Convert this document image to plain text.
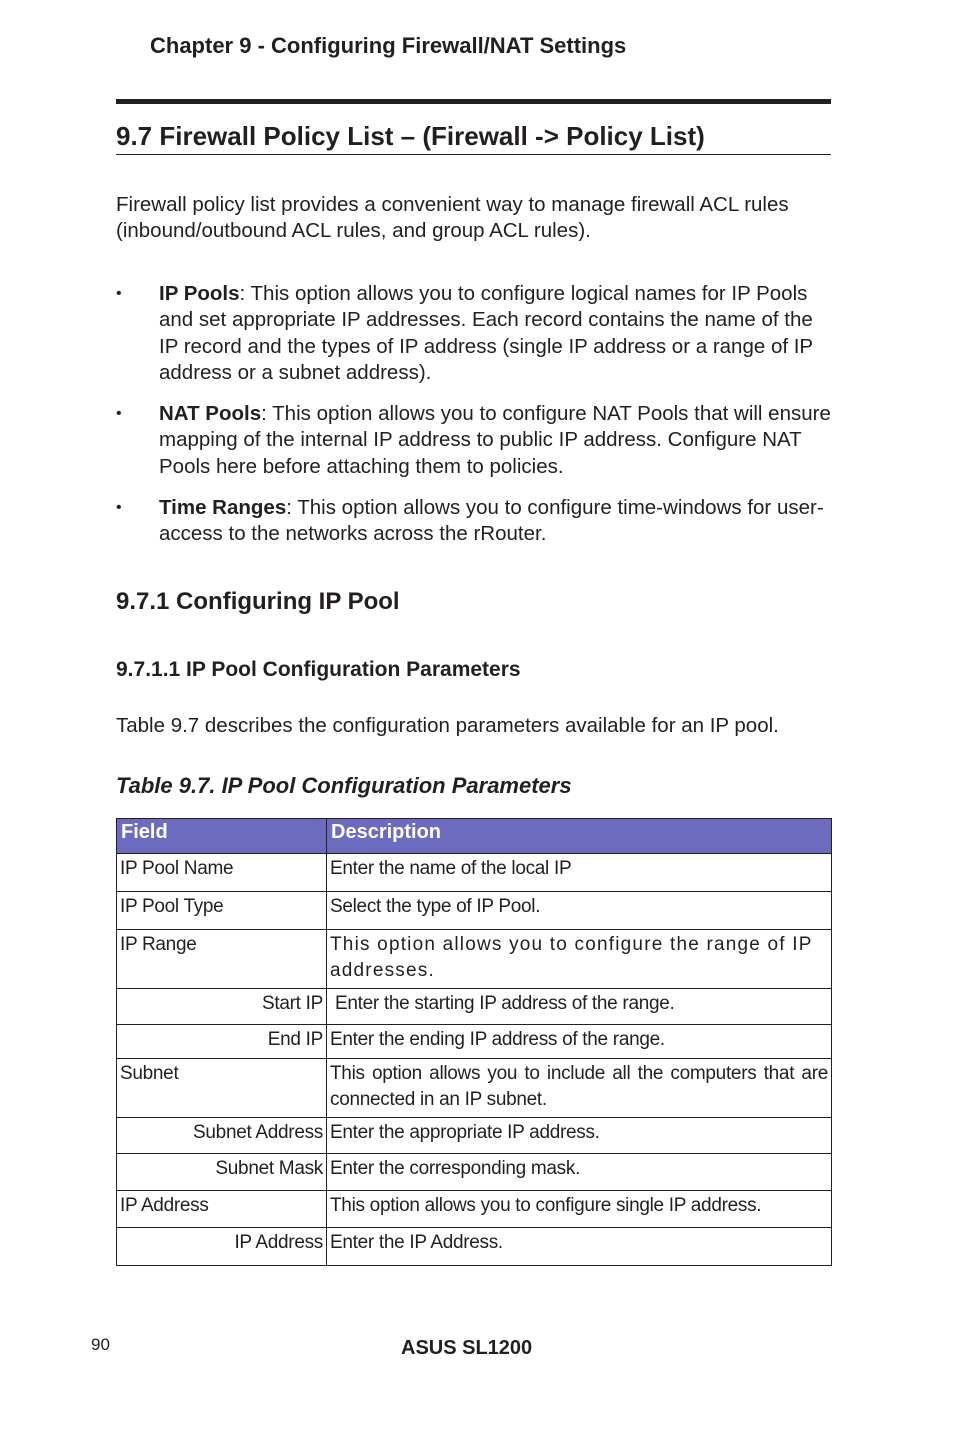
Chapter 9 - Configuring Firewall/NAT Settings
9.7 Firewall Policy List – (Firewall -> Policy List)
Firewall policy list provides a convenient way to manage firewall ACL rules (inbound/outbound ACL rules, and group ACL rules).
• IP Pools: This option allows you to configure logical names for IP Pools and set appropriate IP addresses. Each record contains the name of the IP record and the types of IP address (single IP address or a range of IP address or a subnet address).
• NAT Pools: This option allows you to configure NAT Pools that will ensure mapping of the internal IP address to public IP address. Configure NAT Pools here before attaching them to policies.
• Time Ranges: This option allows you to configure time-windows for user-access to the networks across the rRouter.
9.7.1 Configuring IP Pool
9.7.1.1 IP Pool Configuration Parameters
Table 9.7 describes the configuration parameters available for an IP pool.
Table 9.7. IP Pool Configuration Parameters
Field	Description
IP Pool Name	Enter the name of the local IP
IP Pool Type	Select the type of IP Pool.
IP Range	This option allows you to configure the range of IP addresses.
Start IP	Enter the starting IP address of the range.
End IP	Enter the ending IP address of the range.
Subnet	This option allows you to include all the computers that are connected in an IP subnet.
Subnet Address	Enter the appropriate IP address.
Subnet Mask	Enter the corresponding mask.
IP Address	This option allows you to configure single IP address.
IP Address	Enter the IP Address.
90	ASUS SL1200
